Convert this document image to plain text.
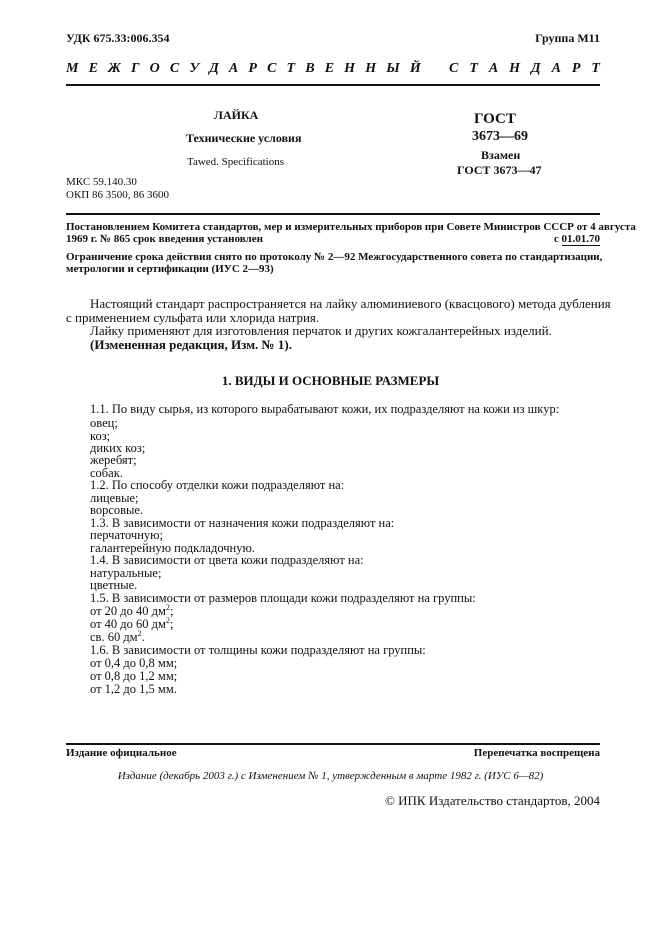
УДК 675.33:006.354	Группа М11
М Е Ж Г О С У Д А Р С Т В Е Н Н Ы Й С Т А Н Д А Р Т
ЛАЙКА
Технические условия
Tawed. Specifications
МКС 59.140.30
ОКП 86 3500, 86 3600
ГОСТ
3673—69
Взамен
ГОСТ 3673—47
Постановлением Комитета стандартов, мер и измерительных приборов при Совете Министров СССР от 4 августа
1969 г. № 865 срок введения установлен	с 01.01.70
Ограничение срока действия снято по протоколу № 2—92 Межгосударственного совета по стандартизации,
метрологии и сертификации (ИУС 2—93)
Настоящий стандарт распространяется на лайку алюминиевого (квасцового) метода дубления
с применением сульфата или хлорида натрия.
Лайку применяют для изготовления перчаток и других кожгалантерейных изделий.
(Измененная редакция, Изм. № 1).
1. ВИДЫ И ОСНОВНЫЕ РАЗМЕРЫ
1.1. По виду сырья, из которого вырабатывают кожи, их подразделяют на кожи из шкур:
овец;
коз;
диких коз;
жеребят;
собак.
1.2. По способу отделки кожи подразделяют на:
лицевые;
ворсовые.
1.3. В зависимости от назначения кожи подразделяют на:
перчаточную;
галантерейную подкладочную.
1.4. В зависимости от цвета кожи подразделяют на:
натуральные;
цветные.
1.5. В зависимости от размеров площади кожи подразделяют на группы:
от 20 до 40 $дм^2$;
от 40 до 60 $дм^2$;
св. 60 $дм^2$.
1.6. В зависимости от толщины кожи подразделяют на группы:
от 0,4 до 0,8 мм;
от 0,8 до 1,2 мм;
от 1,2 до 1,5 мм.
Издание официальное	Перепечатка воспрещена
Издание (декабрь 2003 г.) с Изменением № 1, утвержденным в марте 1982 г. (ИУС 6—82)
© ИПК Издательство стандартов, 2004
